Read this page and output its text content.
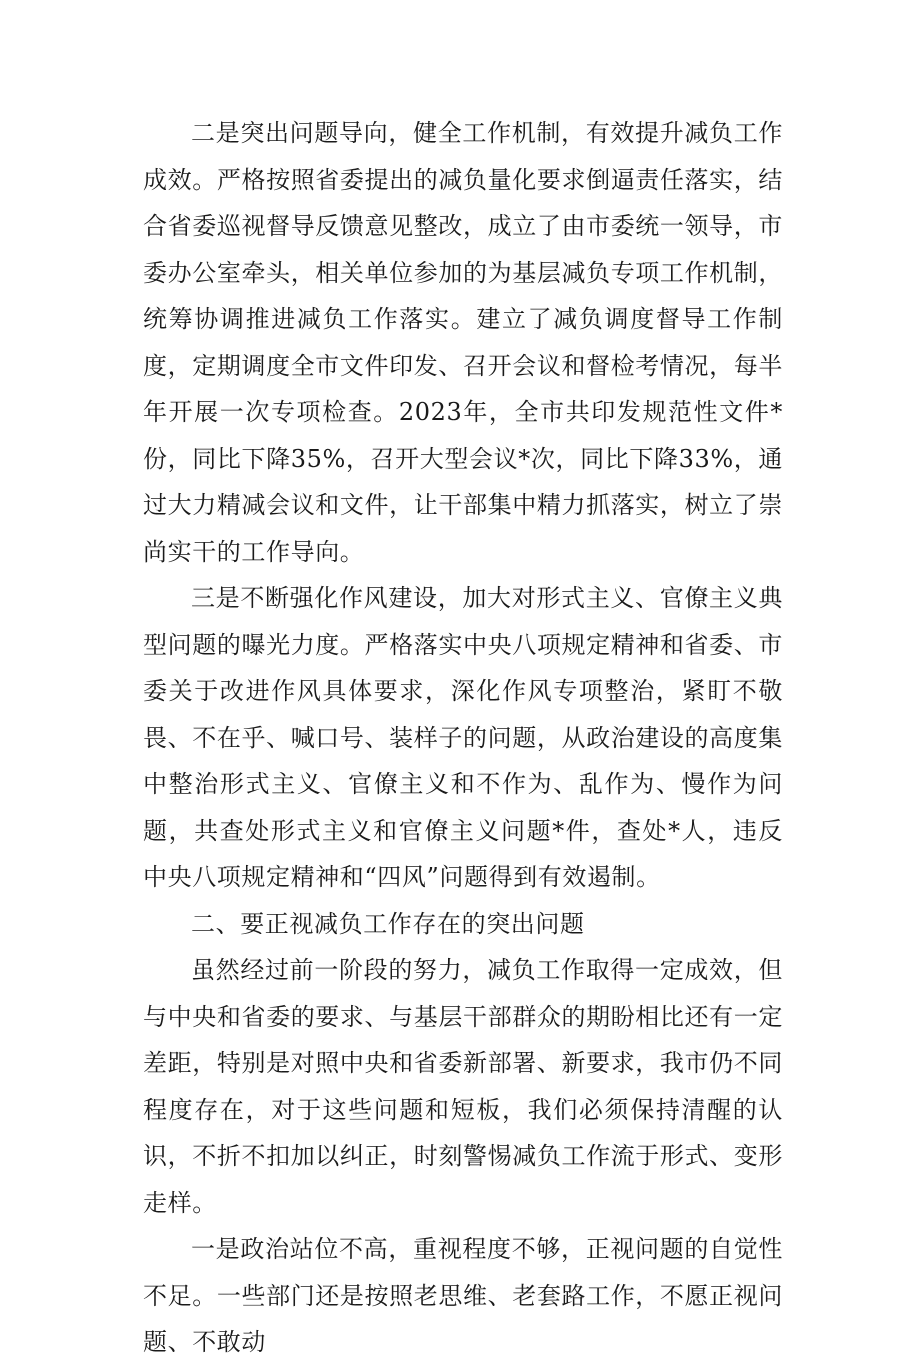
二是突出问题导向，健全工作机制，有效提升减负工作成效。严格按照省委提出的减负量化要求倒逼责任落实，结合省委巡视督导反馈意见整改，成立了由市委统一领导，市委办公室牵头，相关单位参加的为基层减负专项工作机制，统筹协调推进减负工作落实。建立了减负调度督导工作制度，定期调度全市文件印发、召开会议和督检考情况，每半年开展一次专项检查。2023年，全市共印发规范性文件*份，同比下降35%，召开大型会议*次，同比下降33%，通过大力精减会议和文件，让干部集中精力抓落实，树立了崇尚实干的工作导向。

三是不断强化作风建设，加大对形式主义、官僚主义典型问题的曝光力度。严格落实中央八项规定精神和省委、市委关于改进作风具体要求，深化作风专项整治，紧盯不敬畏、不在乎、喊口号、装样子的问题，从政治建设的高度集中整治形式主义、官僚主义和不作为、乱作为、慢作为问题，共查处形式主义和官僚主义问题*件，查处*人，违反中央八项规定精神和“四风”问题得到有效遏制。

二、要正视减负工作存在的突出问题

虽然经过前一阶段的努力，减负工作取得一定成效，但与中央和省委的要求、与基层干部群众的期盼相比还有一定差距，特别是对照中央和省委新部署、新要求，我市仍不同程度存在，对于这些问题和短板，我们必须保持清醒的认识，不折不扣加以纠正，时刻警惕减负工作流于形式、变形走样。

一是政治站位不高，重视程度不够，正视问题的自觉性不足。一些部门还是按照老思维、老套路工作，不愿正视问题、不敢动
